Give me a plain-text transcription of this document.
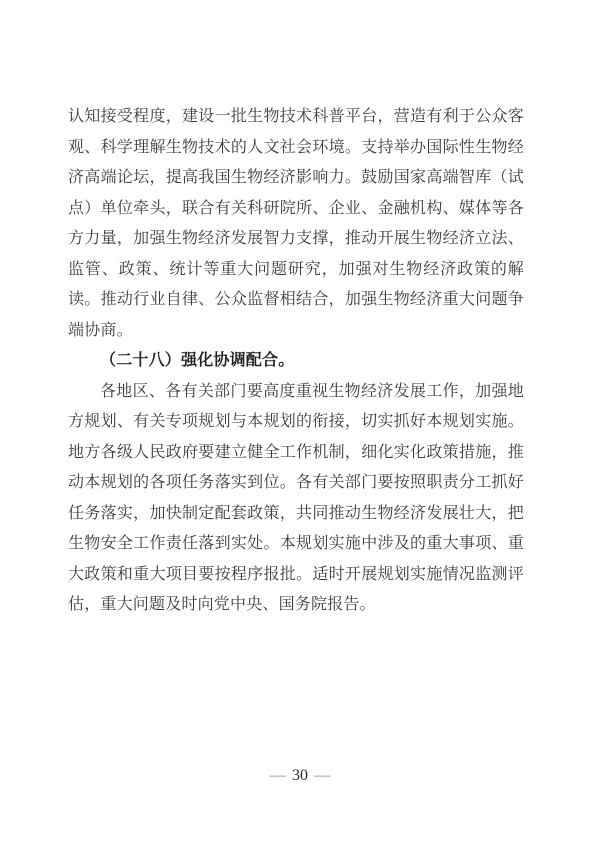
认知接受程度，建设一批生物技术科普平台，营造有利于公众客
观、科学理解生物技术的人文社会环境。支持举办国际性生物经
济高端论坛，提高我国生物经济影响力。鼓励国家高端智库（试
点）单位牵头，联合有关科研院所、企业、金融机构、媒体等各
方力量，加强生物经济发展智力支撑，推动开展生物经济立法、
监管、政策、统计等重大问题研究，加强对生物经济政策的解
读。推动行业自律、公众监督相结合，加强生物经济重大问题争
端协商。
（二十八）强化协调配合。
各地区、各有关部门要高度重视生物经济发展工作，加强地
方规划、有关专项规划与本规划的衔接，切实抓好本规划实施。
地方各级人民政府要建立健全工作机制，细化实化政策措施，推
动本规划的各项任务落实到位。各有关部门要按照职责分工抓好
任务落实，加快制定配套政策，共同推动生物经济发展壮大，把
生物安全工作责任落到实处。本规划实施中涉及的重大事项、重
大政策和重大项目要按程序报批。适时开展规划实施情况监测评
估，重大问题及时向党中央、国务院报告。
— 30 —
